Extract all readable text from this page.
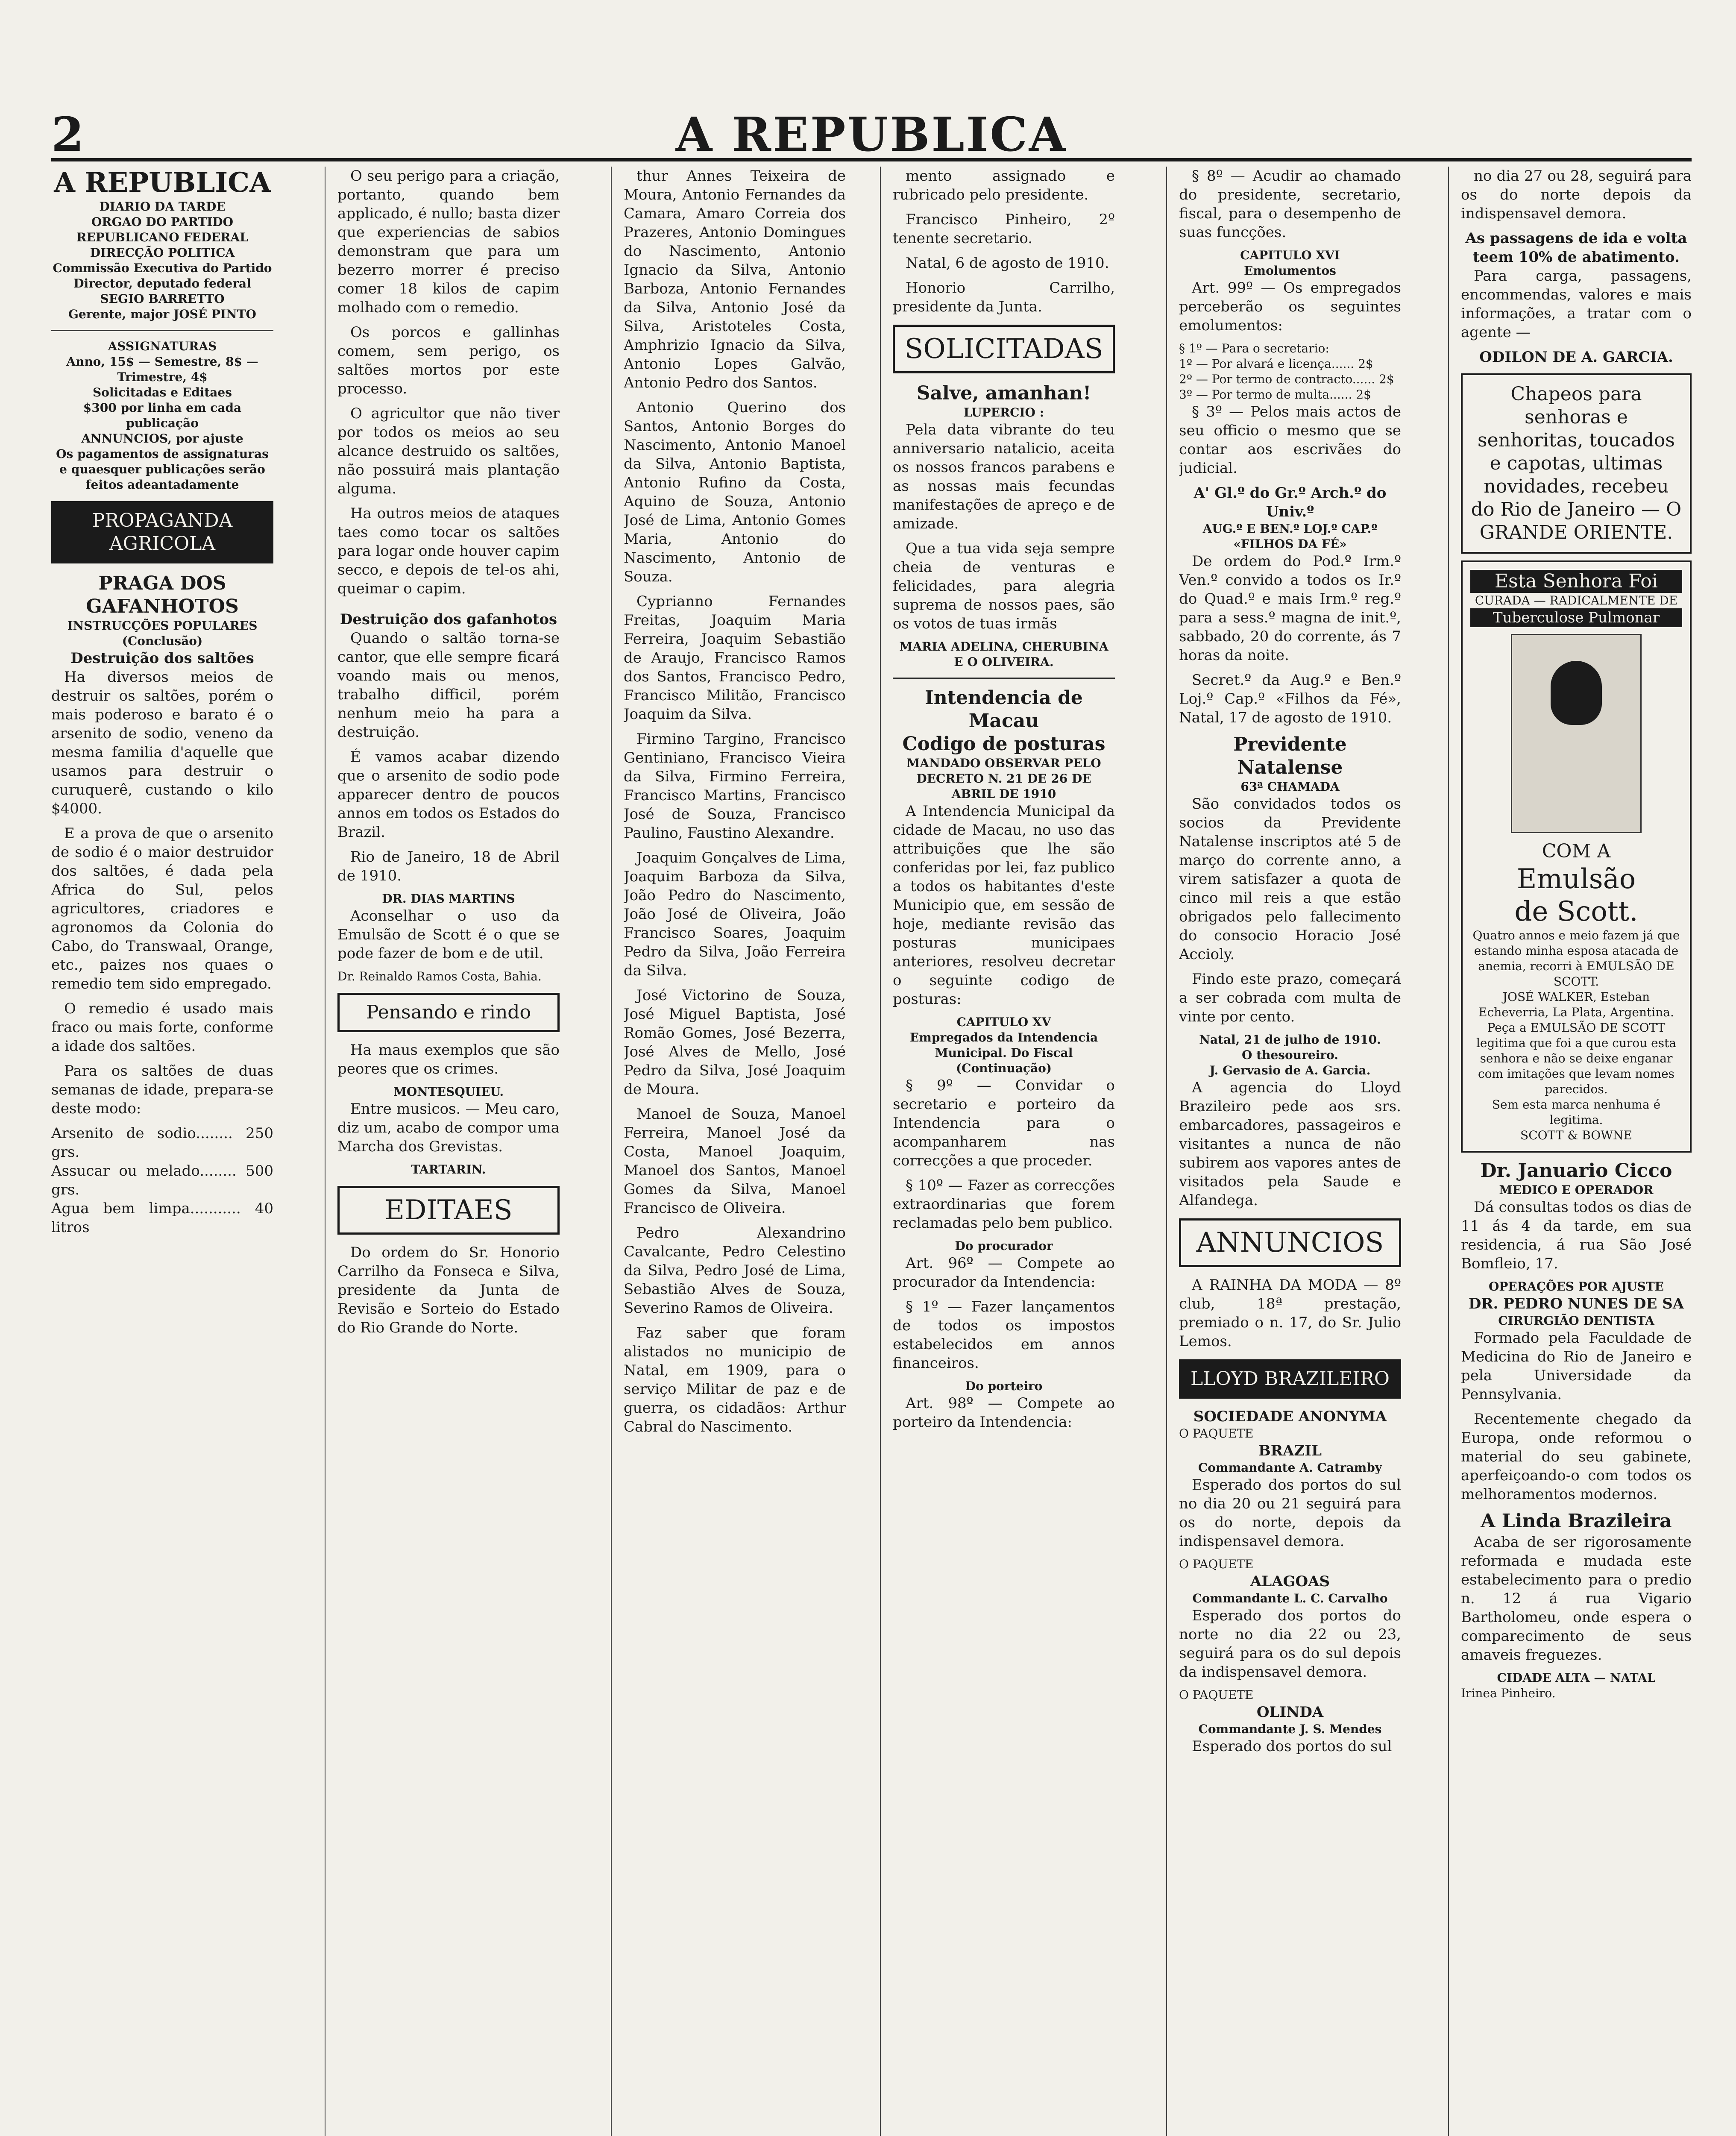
2	A REPUBLICA
A REPUBLICA
DIARIO DA TARDE
ORGAO DO PARTIDO REPUBLICANO FEDERAL
DIRECÇÃO POLITICA
Commissão Executiva do Partido
Director, deputado federal SEGIO BARRETTO
Gerente, major JOSÉ PINTO
ASSIGNATURAS
Anno, 15$ — Semestre, 8$ — Trimestre, 4$
Solicitadas e Editaes
$300 por linha em cada publicação
ANNUNCIOS, por ajuste
Os pagamentos de assignaturas e quaesquer publicações serão feitos adeantadamente
PROPAGANDA AGRICOLA
PRAGA DOS GAFANHOTOS
INSTRUCÇÕES POPULARES
(Conclusão)
Destruição dos saltões

Ha diversos meios de destruir os saltões, porém o mais poderoso e barato é o arsenito de sodio, veneno da mesma familia d'aquelle que usamos para destruir o curuquerê, custando o kilo $4000.

E a prova de que o arsenito de sodio é o maior destruidor dos saltões, é dada pela Africa do Sul, pelos agricultores, criadores e agronomos da Colonia do Cabo, do Transwaal, Orange, etc., paizes nos quaes o remedio tem sido empregado.

O remedio é usado mais fraco ou mais forte, conforme a idade dos saltões.

Para os saltões de duas semanas de idade, prepara-se deste modo:

Arsenito de sodio........ 250 grs.
Assucar ou melado........ 500 grs.
Agua bem limpa........... 40 litros

O seu perigo para a criação, portanto, quando bem applicado, é nullo; basta dizer que experiencias de sabios demonstram que para um bezerro morrer é preciso comer 18 kilos de capim molhado com o remedio.

Os porcos e gallinhas comem, sem perigo, os saltões mortos por este processo.

O agricultor que não tiver por todos os meios ao seu alcance destruido os saltões, não possuirá mais plantação alguma.

Ha outros meios de ataques taes como tocar os saltões para logar onde houver capim secco, e depois de tel-os ahi, queimar o capim.

Destruição dos gafanhotos

Quando o saltão torna-se cantor, que elle sempre ficará voando mais ou menos, trabalho difficil, porém nenhum meio ha para a destruição.

É vamos acabar dizendo que o arsenito de sodio pode apparecer dentro de poucos annos em todos os Estados do Brazil.

Rio de Janeiro, 18 de Abril de 1910.

DR. DIAS MARTINS

Aconselhar o uso da Emulsão de Scott é o que se pode fazer de bom e de util.

Dr. Reinaldo Ramos Costa, Bahia.
Pensando e rindo

Ha maus exemplos que são peores que os crimes.

MONTESQUIEU.

Entre musicos. — Meu caro, diz um, acabo de compor uma Marcha dos Grevistas.

TARTARIN.
EDITAES

Do ordem do Sr. Honorio Carrilho da Fonseca e Silva, presidente da Junta de Revisão e Sorteio do Estado do Rio Grande do Norte.

thur Annes Teixeira de Moura, Antonio Fernandes da Camara, Amaro Correia dos Prazeres, Antonio Domingues do Nascimento, Antonio Ignacio da Silva, Antonio Barboza, Antonio Fernandes da Silva, Antonio José da Silva, Aristoteles Costa, Amphrizio Ignacio da Silva, Antonio Lopes Galvão, Antonio Pedro dos Santos.

Antonio Querino dos Santos, Antonio Borges do Nascimento, Antonio Manoel da Silva, Antonio Baptista, Antonio Rufino da Costa, Aquino de Souza, Antonio José de Lima, Antonio Gomes Maria, Antonio do Nascimento, Antonio de Souza.

Cyprianno Fernandes Freitas, Joaquim Maria Ferreira, Joaquim Sebastião de Araujo, Francisco Ramos dos Santos, Francisco Pedro, Francisco Militão, Francisco Joaquim da Silva.

Firmino Targino, Francisco Gentiniano, Francisco Vieira da Silva, Firmino Ferreira, Francisco Martins, Francisco José de Souza, Francisco Paulino, Faustino Alexandre.

Joaquim Gonçalves de Lima, Joaquim Barboza da Silva, João Pedro do Nascimento, João José de Oliveira, João Francisco Soares, Joaquim Pedro da Silva, João Ferreira da Silva.

José Victorino de Souza, José Miguel Baptista, José Romão Gomes, José Bezerra, José Alves de Mello, José Pedro da Silva, José Joaquim de Moura.

Manoel de Souza, Manoel Ferreira, Manoel José da Costa, Manoel Joaquim, Manoel dos Santos, Manoel Gomes da Silva, Manoel Francisco de Oliveira.

Pedro Alexandrino Cavalcante, Pedro Celestino da Silva, Pedro José de Lima, Sebastião Alves de Souza, Severino Ramos de Oliveira.

Faz saber que foram alistados no municipio de Natal, em 1909, para o serviço Militar de paz e de guerra, os cidadãos: Arthur Cabral do Nascimento.

mento assignado e rubricado pelo presidente.

Francisco Pinheiro, 2º tenente secretario.

Natal, 6 de agosto de 1910.

Honorio Carrilho, presidente da Junta.

SOLICITADAS
Salve, amanhan!
LUPERCIO :

Pela data vibrante do teu anniversario natalicio, aceita os nossos francos parabens e as nossas mais fecundas manifestações de apreço e de amizade.

Que a tua vida seja sempre cheia de venturas e felicidades, para alegria suprema de nossos paes, são os votos de tuas irmãs

MARIA ADELINA, CHERUBINA E O OLIVEIRA.
Intendencia de Macau
Codigo de posturas
MANDADO OBSERVAR PELO DECRETO N. 21 DE 26 DE ABRIL DE 1910

A Intendencia Municipal da cidade de Macau, no uso das attribuições que lhe são conferidas por lei, faz publico a todos os habitantes d'este Municipio que, em sessão de hoje, mediante revisão das posturas municipaes anteriores, resolveu decretar o seguinte codigo de posturas:

CAPITULO XV
Empregados da Intendencia Municipal. Do Fiscal
(Continuação)

§ 9º — Convidar o secretario e porteiro da Intendencia para o acompanharem nas correcções a que proceder.

§ 10º — Fazer as correcções extraordinarias que forem reclamadas pelo bem publico.

Do procurador

Art. 96º — Compete ao procurador da Intendencia:

§ 1º — Fazer lançamentos de todos os impostos estabelecidos em annos financeiros.

Do porteiro

Art. 98º — Compete ao porteiro da Intendencia:

§ 8º — Acudir ao chamado do presidente, secretario, fiscal, para o desempenho de suas funcções.

CAPITULO XVI
Emolumentos

Art. 99º — Os empregados perceberão os seguintes emolumentos:

§ 1º — Para o secretario:
1º — Por alvará e licença...... 2$
2º — Por termo de contracto...... 2$
3º — Por termo de multa...... 2$

§ 3º — Pelos mais actos de seu officio o mesmo que se contar aos escrivães do judicial.

A' Gl.º do Gr.º Arch.º do Univ.º
AUG.º E BEN.º LOJ.º CAP.º «FILHOS DA FÉ»

De ordem do Pod.º Irm.º Ven.º convido a todos os Ir.º do Quad.º e mais Irm.º reg.º para a sess.º magna de init.º, sabbado, 20 do corrente, ás 7 horas da noite.

Secret.º da Aug.º e Ben.º Loj.º Cap.º «Filhos da Fé», Natal, 17 de agosto de 1910.

Previdente Natalense
63ª CHAMADA

São convidados todos os socios da Previdente Natalense inscriptos até 5 de março do corrente anno, a virem satisfazer a quota de cinco mil reis a que estão obrigados pelo fallecimento do consocio Horacio José Accioly.

Findo este prazo, começará a ser cobrada com multa de vinte por cento.

Natal, 21 de julho de 1910.
O thesoureiro.
J. Gervasio de A. Garcia.

A agencia do Lloyd Brazileiro pede aos srs. embarcadores, passageiros e visitantes a nunca de não subirem aos vapores antes de visitados pela Saude e Alfandega.

ANNUNCIOS

A RAINHA DA MODA — 8º club, 18ª prestação, premiado o n. 17, do Sr. Julio Lemos.

LLOYD BRAZILEIRO
SOCIEDADE ANONYMA
O PAQUETE
BRAZIL
Commandante A. Catramby

Esperado dos portos do sul no dia 20 ou 21 seguirá para os do norte, depois da indispensavel demora.

O PAQUETE
ALAGOAS
Commandante L. C. Carvalho

Esperado dos portos do norte no dia 22 ou 23, seguirá para os do sul depois da indispensavel demora.

O PAQUETE
OLINDA
Commandante J. S. Mendes

Esperado dos portos do sul

no dia 27 ou 28, seguirá para os do norte depois da indispensavel demora.

As passagens de ida e volta teem 10% de abatimento.

Para carga, passagens, encommendas, valores e mais informações, a tratar com o agente —

ODILON DE A. GARCIA.
Chapeos para senhoras e senhoritas, toucados e capotas, ultimas novidades, recebeu do Rio de Janeiro — O GRANDE ORIENTE.
Esta Senhora Foi
CURADA — RADICALMENTE DE
Tuberculose Pulmonar
COM A
Emulsão
de Scott.
Quatro annos e meio fazem já que estando minha esposa atacada de anemia, recorri à EMULSÃO DE SCOTT.
JOSÉ WALKER, Esteban Echeverria, La Plata, Argentina.
Peça a EMULSÃO DE SCOTT legitima que foi a que curou esta senhora e não se deixe enganar com imitações que levam nomes parecidos.
Sem esta marca nenhuma é legitima.
SCOTT & BOWNE
Dr. Januario Cicco
MEDICO E OPERADOR

Dá consultas todos os dias de 11 ás 4 da tarde, em sua residencia, á rua São José Bomfleio, 17.

OPERAÇÕES POR AJUSTE
DR. PEDRO NUNES DE SA
CIRURGIÃO DENTISTA

Formado pela Faculdade de Medicina do Rio de Janeiro e pela Universidade da Pennsylvania.

Recentemente chegado da Europa, onde reformou o material do seu gabinete, aperfeiçoando-o com todos os melhoramentos modernos.

A Linda Brazileira

Acaba de ser rigorosamente reformada e mudada este estabelecimento para o predio n. 12 á rua Vigario Bartholomeu, onde espera o comparecimento de seus amaveis freguezes.

CIDADE ALTA — NATAL
Irinea Pinheiro.
